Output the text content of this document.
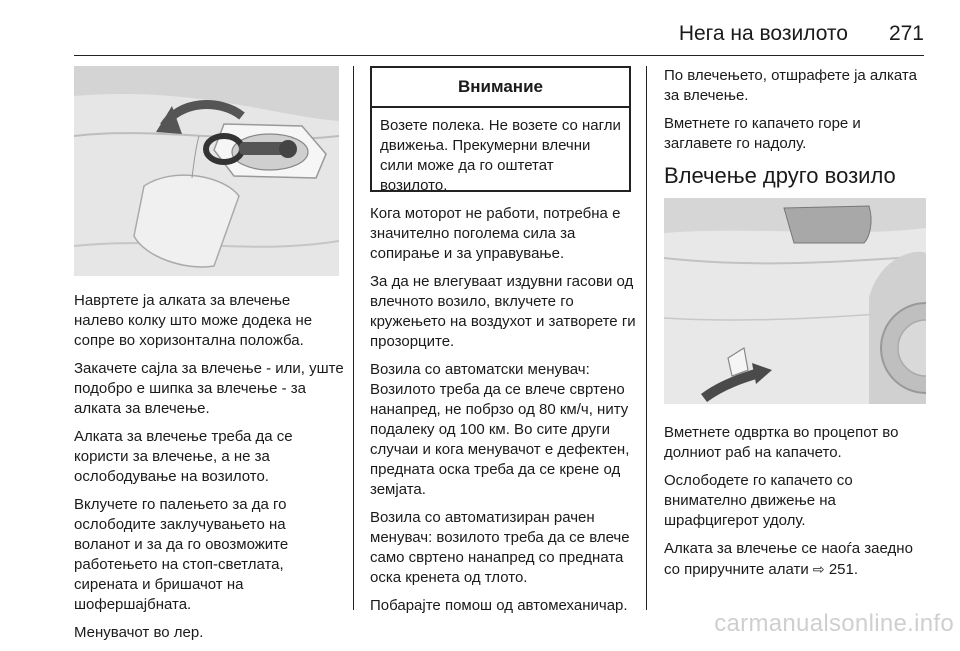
Нега на возилото 271

Навртете ја алката за влечење налево колку што може додека не сопре во хоризонтална положба.

Закачете сајла за влечење - или, уште подобро е шипка за влечење - за алката за влечење.

Алката за влечење треба да се користи за влечење, а не за ослободување на возилото.

Вклучете го палењето за да го ослободите заклучувањето на воланот и за да го овозможите работењето на стоп-светлата, сирената и бришачот на шофершајбната.

Менувачот во лер.

Внимание
Возете полека. Не возете со нагли движења. Прекумерни влечни сили може да го оштетат возилото.

Кога моторот не работи, потребна е значително поголема сила за сопирање и за управување.

За да не влегуваат издувни гасови од влечното возило, вклучете го кружењето на воздухот и затворете ги прозорците.

Возила со автоматски менувач: Возилото треба да се влече свртено нанапред, не побрзо од 80 км/ч, ниту подалеку од 100 км. Во сите други случаи и кога менувачот е дефектен, предната оска треба да се крене од земјата.

Возила со автоматизиран рачен менувач: возилото треба да се влече само свртено нанапред со предната оска кренета од тлото.

Побарајте помош од автомеханичар.

По влечењето, отшрафете ја алката за влечење.

Вметнете го капачето горе и заглавете го надолу.

Влечење друго возило

Вметнете одвртка во процепот во долниот раб на капачето.

Ослободете го капачето со внимателно движење на шрафцигерот удолу.

Алката за влечење се наоѓа заедно со приручните алати ⇨ 251.

carmanualsonline.info
